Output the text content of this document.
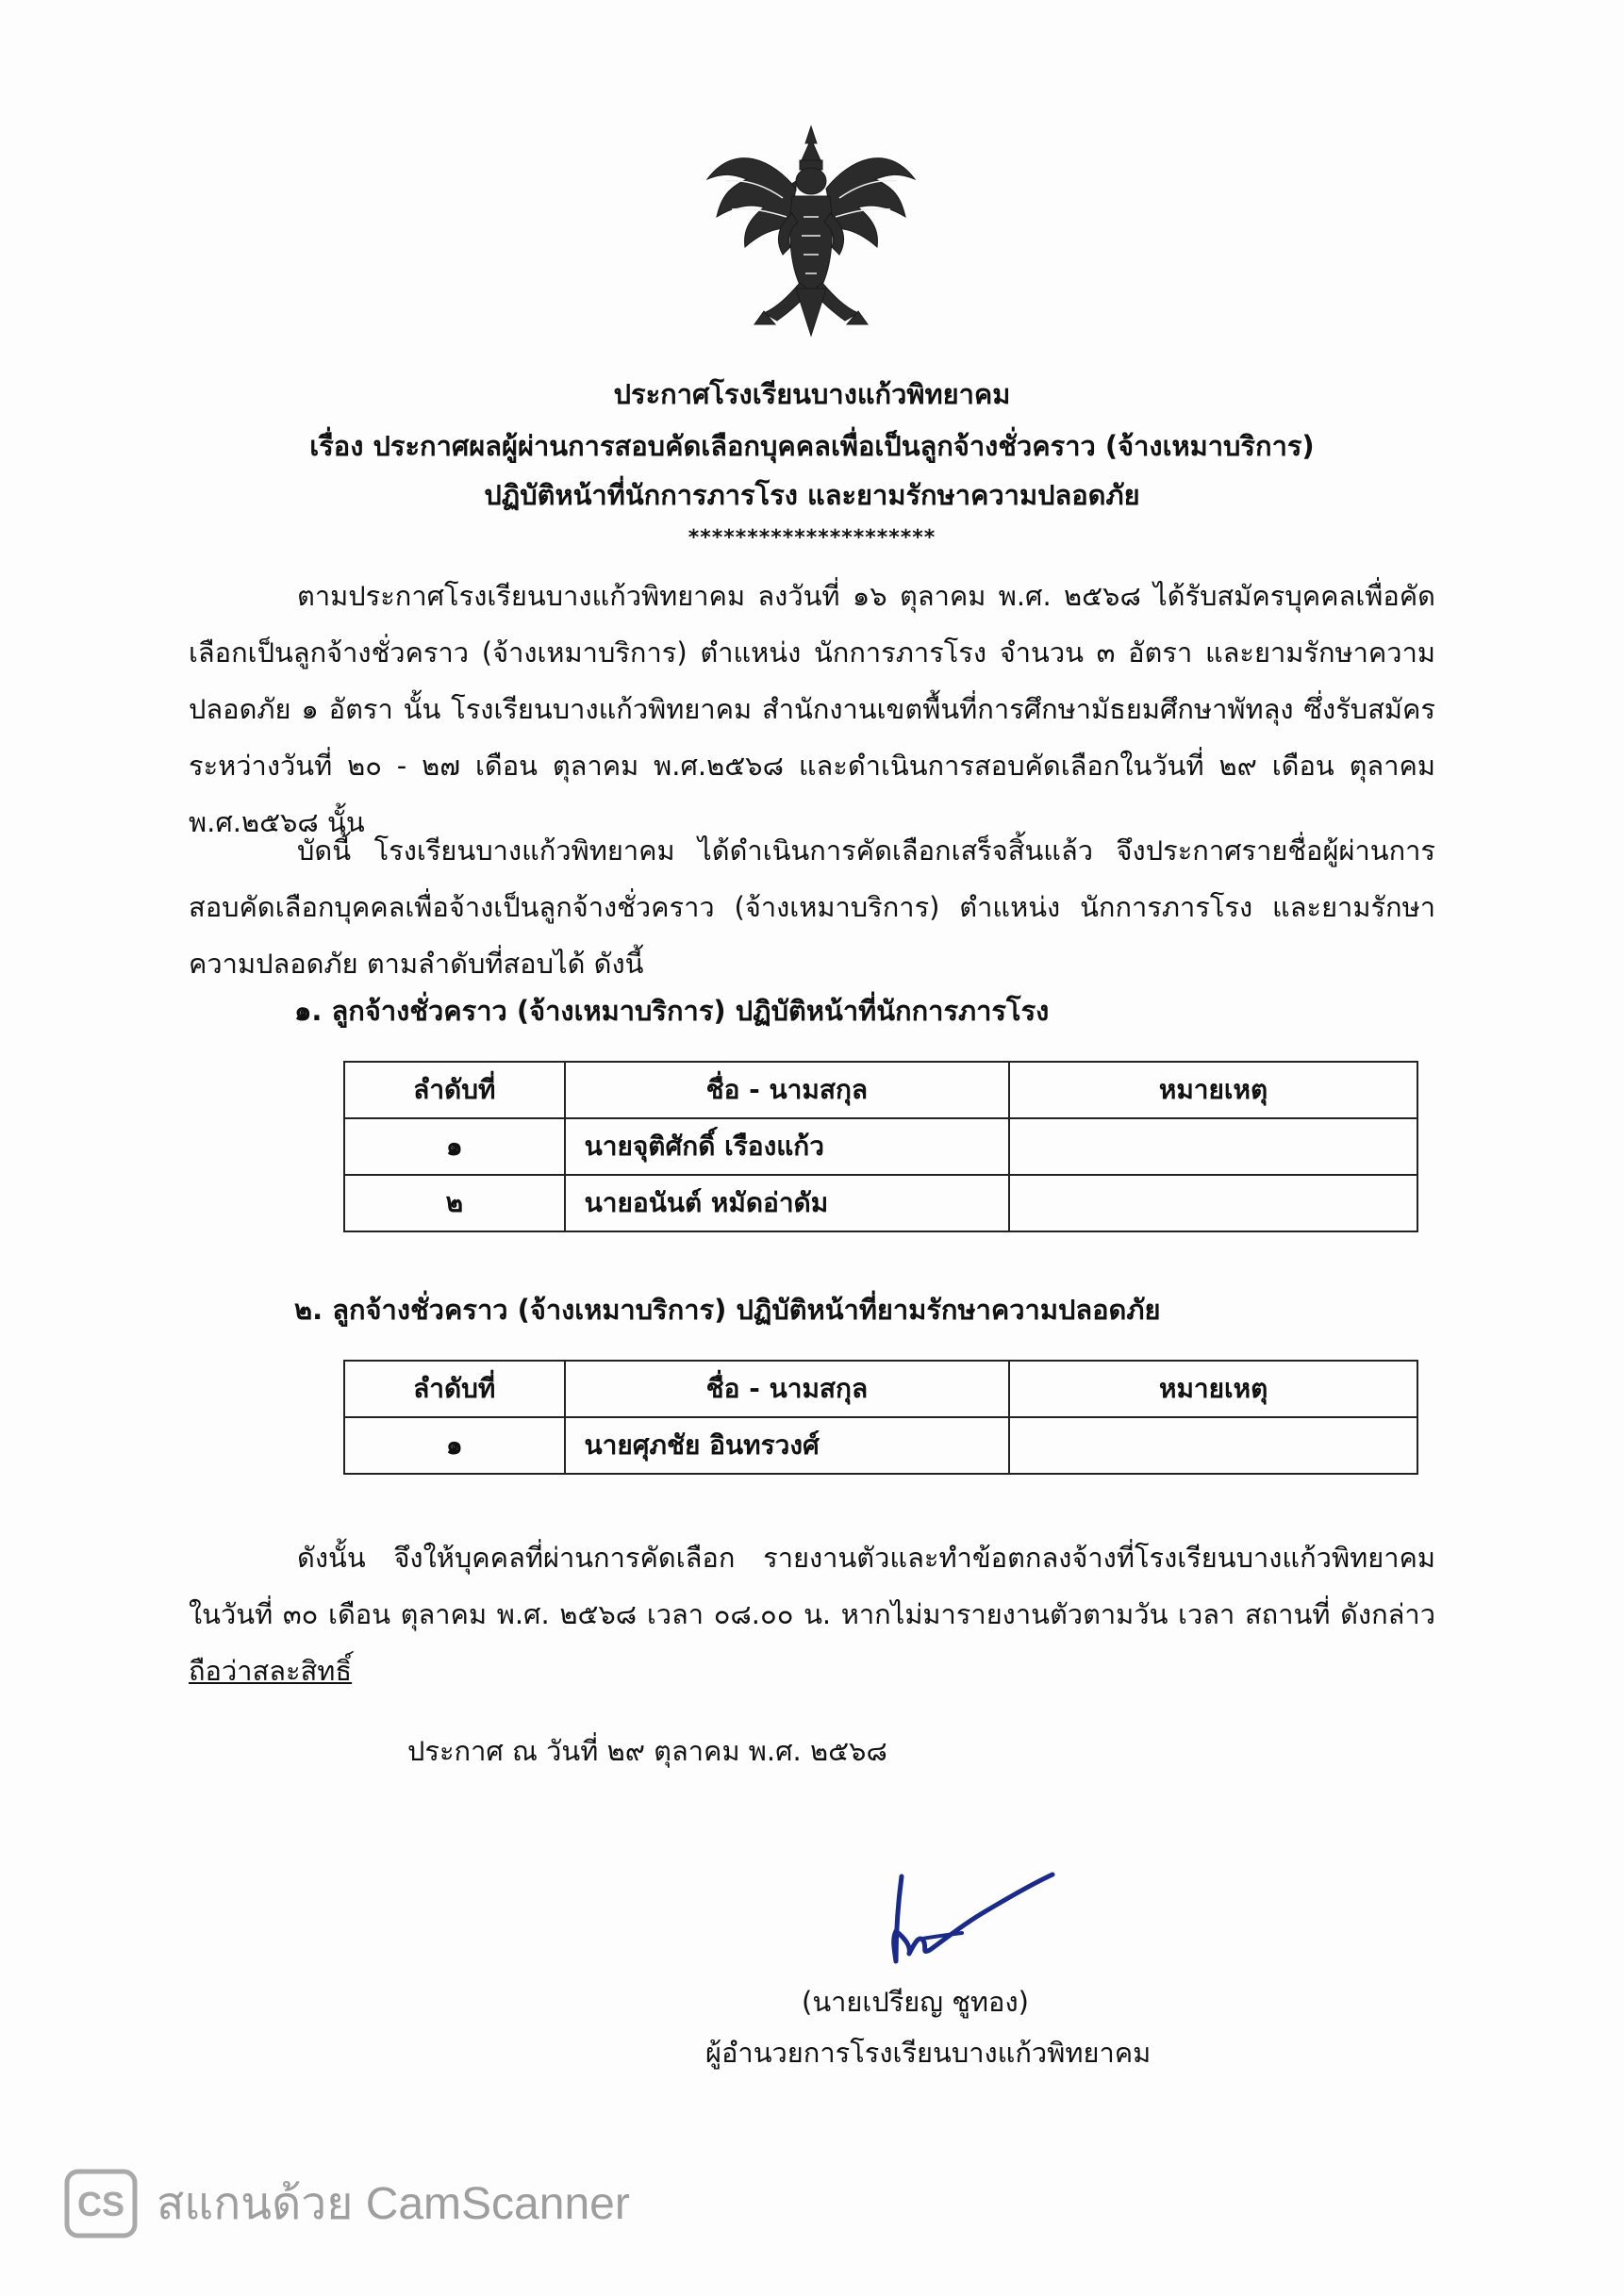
ประกาศโรงเรียนบางแก้วพิทยาคม
เรื่อง ประกาศผลผู้ผ่านการสอบคัดเลือกบุคคลเพื่อเป็นลูกจ้างชั่วคราว (จ้างเหมาบริการ)
ปฏิบัติหน้าที่นักการภารโรง และยามรักษาความปลอดภัย
*********************
ตามประกาศโรงเรียนบางแก้วพิทยาคม ลงวันที่ ๑๖ ตุลาคม พ.ศ. ๒๕๖๘ ได้รับสมัครบุคคลเพื่อคัดเลือกเป็นลูกจ้างชั่วคราว (จ้างเหมาบริการ) ตำแหน่ง นักการภารโรง จำนวน ๓ อัตรา และยามรักษาความปลอดภัย ๑ อัตรา นั้น โรงเรียนบางแก้วพิทยาคม สำนักงานเขตพื้นที่การศึกษามัธยมศึกษาพัทลุง ซึ่งรับสมัครระหว่างวันที่ ๒๐ - ๒๗ เดือน ตุลาคม พ.ศ.๒๕๖๘ และดำเนินการสอบคัดเลือกในวันที่ ๒๙ เดือน ตุลาคม พ.ศ.๒๕๖๘ นั้น
บัดนี้ โรงเรียนบางแก้วพิทยาคม ได้ดำเนินการคัดเลือกเสร็จสิ้นแล้ว จึงประกาศรายชื่อผู้ผ่านการสอบคัดเลือกบุคคลเพื่อจ้างเป็นลูกจ้างชั่วคราว (จ้างเหมาบริการ) ตำแหน่ง นักการภารโรง และยามรักษาความปลอดภัย ตามลำดับที่สอบได้ ดังนี้
๑. ลูกจ้างชั่วคราว (จ้างเหมาบริการ) ปฏิบัติหน้าที่นักการภารโรง
ลำดับที่	ชื่อ - นามสกุล	หมายเหตุ
๑	นายจุติศักดิ์ เรืองแก้ว	
๒	นายอนันต์ หมัดอ่าดัม	
๒. ลูกจ้างชั่วคราว (จ้างเหมาบริการ) ปฏิบัติหน้าที่ยามรักษาความปลอดภัย
ลำดับที่	ชื่อ - นามสกุล	หมายเหตุ
๑	นายศุภชัย อินทรวงศ์	
ดังนั้น จึงให้บุคคลที่ผ่านการคัดเลือก รายงานตัวและทำข้อตกลงจ้างที่โรงเรียนบางแก้วพิทยาคม ในวันที่ ๓๐ เดือน ตุลาคม พ.ศ. ๒๕๖๘ เวลา ๐๘.๐๐ น. หากไม่มารายงานตัวตามวัน เวลา สถานที่ ดังกล่าว ถือว่าสละสิทธิ์
ประกาศ ณ วันที่ ๒๙ ตุลาคม พ.ศ. ๒๕๖๘
(นายเปรียญ ชูทอง)
ผู้อำนวยการโรงเรียนบางแก้วพิทยาคม
CS สแกนด้วย CamScanner
